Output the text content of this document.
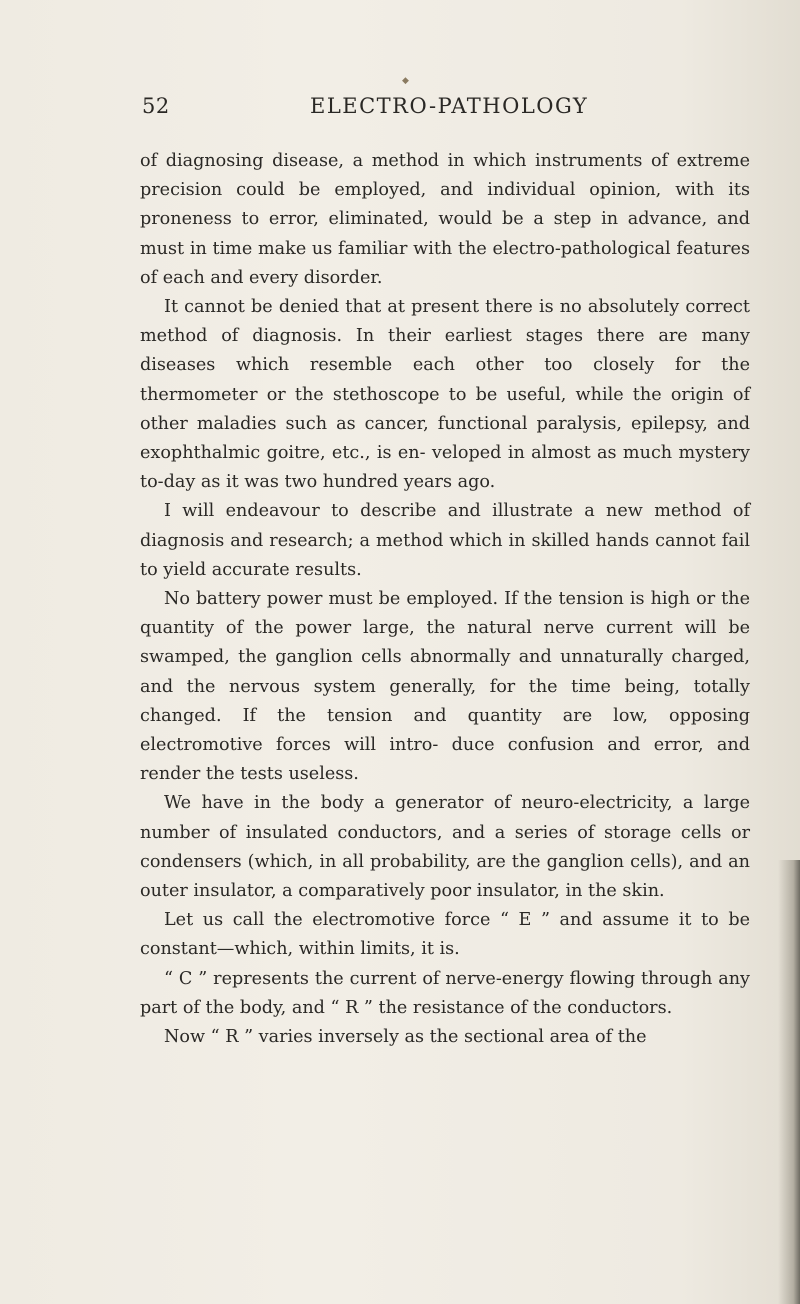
◆
52	ELECTRO-PATHOLOGY

of diagnosing disease, a method in which instruments of extreme precision could be employed, and individual opinion, with its proneness to error, eliminated, would be a step in advance, and must in time make us familiar with the electro-pathological features of each and every disorder.

It cannot be denied that at present there is no absolutely correct method of diagnosis. In their earliest stages there are many diseases which resemble each other too closely for the thermometer or the stethoscope to be useful, while the origin of other maladies such as cancer, functional paralysis, epilepsy, and exophthalmic goitre, etc., is en- veloped in almost as much mystery to-day as it was two hundred years ago.

I will endeavour to describe and illustrate a new method of diagnosis and research; a method which in skilled hands cannot fail to yield accurate results.

No battery power must be employed. If the tension is high or the quantity of the power large, the natural nerve current will be swamped, the ganglion cells abnormally and unnaturally charged, and the nervous system generally, for the time being, totally changed. If the tension and quantity are low, opposing electromotive forces will intro- duce confusion and error, and render the tests useless.

We have in the body a generator of neuro-electricity, a large number of insulated conductors, and a series of storage cells or condensers (which, in all probability, are the ganglion cells), and an outer insulator, a comparatively poor insulator, in the skin.

Let us call the electromotive force “ E ” and assume it to be constant—which, within limits, it is.

“ C ” represents the current of nerve-energy flowing through any part of the body, and “ R ” the resistance of the conductors.

Now “ R ” varies inversely as the sectional area of the
